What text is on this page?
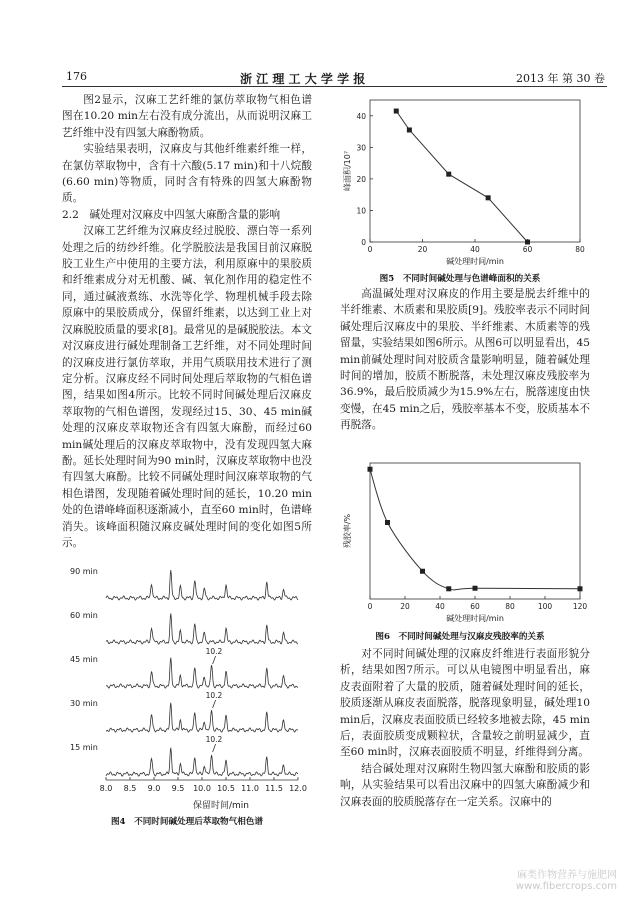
176	浙 江 理 工 大 学 学 报	2013 年 第 30 卷

图2显示，汉麻工艺纤维的氯仿萃取物气相色谱图在10.20 min左右没有成分流出，从而说明汉麻工艺纤维中没有四氢大麻酚物质。

实验结果表明，汉麻皮与其他纤维素纤维一样，在氯仿萃取物中，含有十六酸(5.17 min)和十八烷酸(6.60 min)等物质，同时含有特殊的四氢大麻酚物质。

2.2　碱处理对汉麻皮中四氢大麻酚含量的影响

汉麻工艺纤维为汉麻皮经过脱胶、漂白等一系列处理之后的纺纱纤维。化学脱胶法是我国目前汉麻脱胶工业生产中使用的主要方法，利用原麻中的果胶质和纤维素成分对无机酸、碱、氧化剂作用的稳定性不同，通过碱液煮练、水洗等化学、物理机械手段去除原麻中的果胶质成分，保留纤维素，以达到工业上对汉麻脱胶质量的要求[8]。最常见的是碱脱胶法。本文对汉麻皮进行碱处理制备工艺纤维，对不同处理时间的汉麻皮进行氯仿萃取，并用气质联用技术进行了测定分析。汉麻皮经不同时间处理后萃取物的气相色谱图，结果如图4所示。比较不同时间碱处理后汉麻皮萃取物的气相色谱图，发现经过15、30、45 min碱处理的汉麻皮萃取物还含有四氢大麻酚，而经过60 min碱处理后的汉麻皮萃取物中，没有发现四氢大麻酚。延长处理时间为90 min时，汉麻皮萃取物中也没有四氢大麻酚。比较不同碱处理时间汉麻萃取物的气相色谱图，发现随着碱处理时间的延长，10.20 min处的色谱峰峰面积逐渐减小，直至60 min时，色谱峰消失。该峰面积随汉麻皮碱处理时间的变化如图5所示。

保留时间/min
90 min
60 min
45 min
10.2
30 min
10.2
15 min
10.2
8.0 8.5 9.0 9.5 10.0 10.5 11.0 11.5 12.0
图4　不同时间碱处理后萃取物气相色谱
0	20	40	60	80
0
10
20
30
40
碱处理时间/min
峰面积/10⁷
图5　不同时间碱处理与色谱峰面积的关系

高温碱处理对汉麻皮的作用主要是脱去纤维中的半纤维素、木质素和果胶质[9]。残胶率表示不同时间碱处理后汉麻皮中的果胶、半纤维素、木质素等的残留量，实验结果如图6所示。从图6可以明显看出，45 min前碱处理时间对胶质含量影响明显，随着碱处理时间的增加，胶质不断脱落，未处理汉麻皮残胶率为36.9%，最后胶质减少为15.9%左右，脱落速度由快变慢，在45 min之后，残胶率基本不变，胶质基本不再脱落。

0	20	40	60	80	100	120
碱处理时间/min
残胶率/%
图6　不同时间碱处理与汉麻皮残胶率的关系

对不同时间碱处理的汉麻皮纤维进行表面形貌分析，结果如图7所示。可以从电镜图中明显看出，麻皮表面附着了大量的胶质，随着碱处理时间的延长，胶质逐渐从麻皮表面脱落，脱落现象明显，碱处理10 min后，汉麻皮表面胶质已经较多地被去除，45 min后，表面胶质变成颗粒状，含量较之前明显减少，直至60 min时，汉麻表面胶质不明显，纤维得到分离。

结合碱处理对汉麻附生物四氢大麻酚和胶质的影响，从实验结果可以看出汉麻中的四氢大麻酚减少和汉麻表面的胶质脱落存在一定关系。汉麻中的

麻类作物营养与施肥网
www.fibercrops.com
